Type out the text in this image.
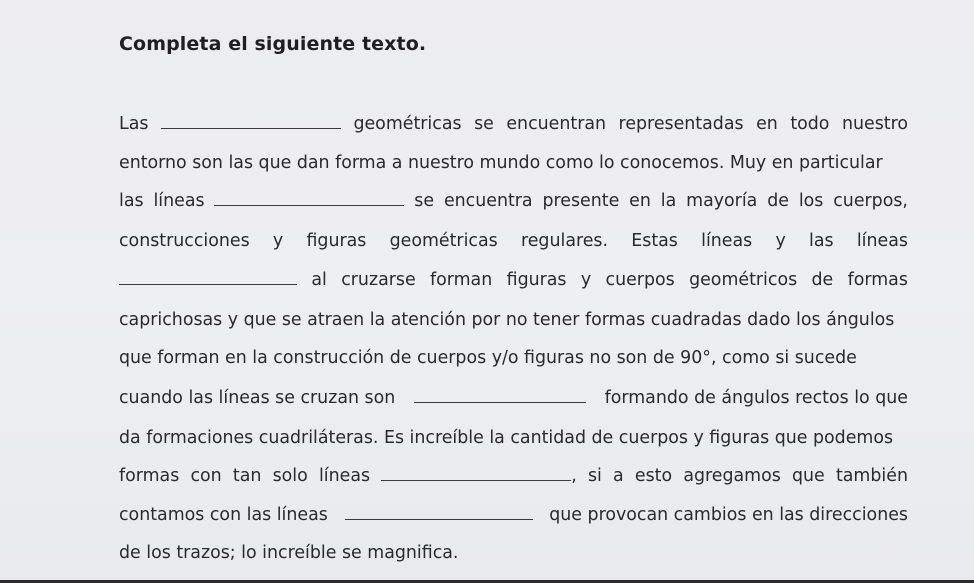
Completa el siguiente texto.
Las	geométricas se encuentran representadas en todo nuestro
entorno son las que dan forma a nuestro mundo como lo conocemos. Muy en particular
las líneas	se encuentra presente en la mayoría de los cuerpos,
construcciones y figuras geométricas regulares. Estas líneas y las líneas
al cruzarse forman figuras y cuerpos geométricos de formas
caprichosas y que se atraen la atención por no tener formas cuadradas dado los ángulos
que forman en la construcción de cuerpos y/o figuras no son de 90°, como si sucede
cuando las líneas se cruzan son	formando de ángulos rectos lo que
da formaciones cuadriláteras. Es increíble la cantidad de cuerpos y figuras que podemos
formas con tan solo líneas	, si a esto agregamos que también
contamos con las líneas	que provocan cambios en las direcciones
de los trazos; lo increíble se magnifica.
